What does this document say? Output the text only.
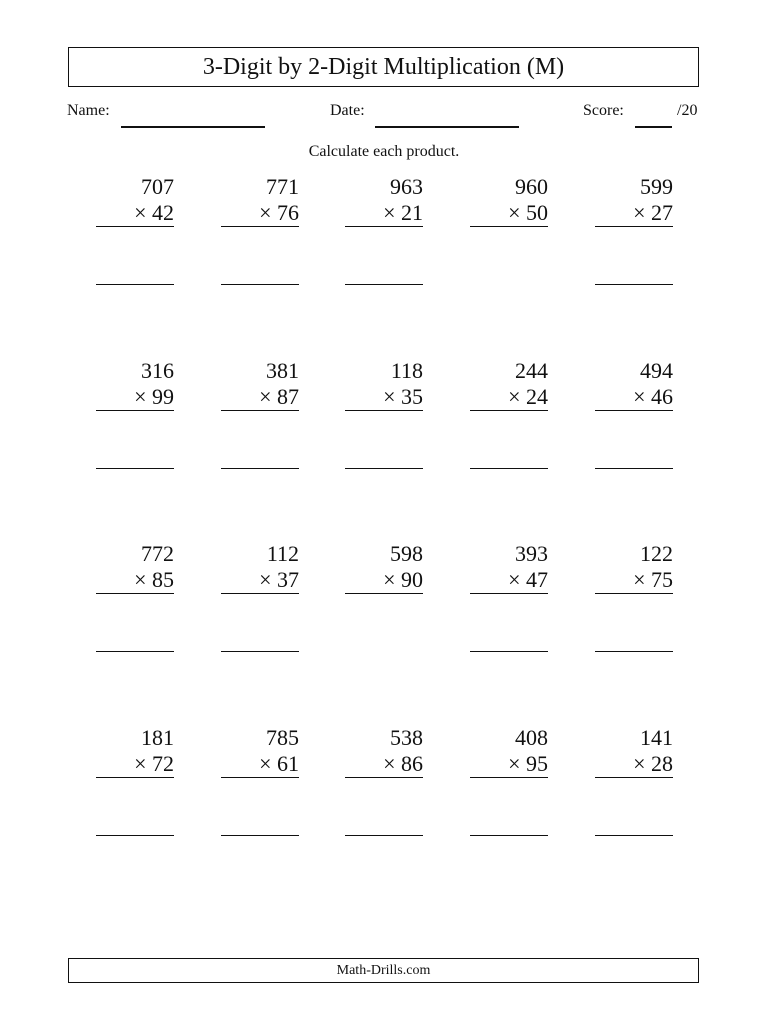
3-Digit by 2-Digit Multiplication (M)
Name:	Date:	Score:	/20
Calculate each product.
707
× 42
771
× 76
963
× 21
960
× 50
599
× 27
316
× 99
381
× 87
118
× 35
244
× 24
494
× 46
772
× 85
112
× 37
598
× 90
393
× 47
122
× 75
181
× 72
785
× 61
538
× 86
408
× 95
141
× 28
Math-Drills.com
